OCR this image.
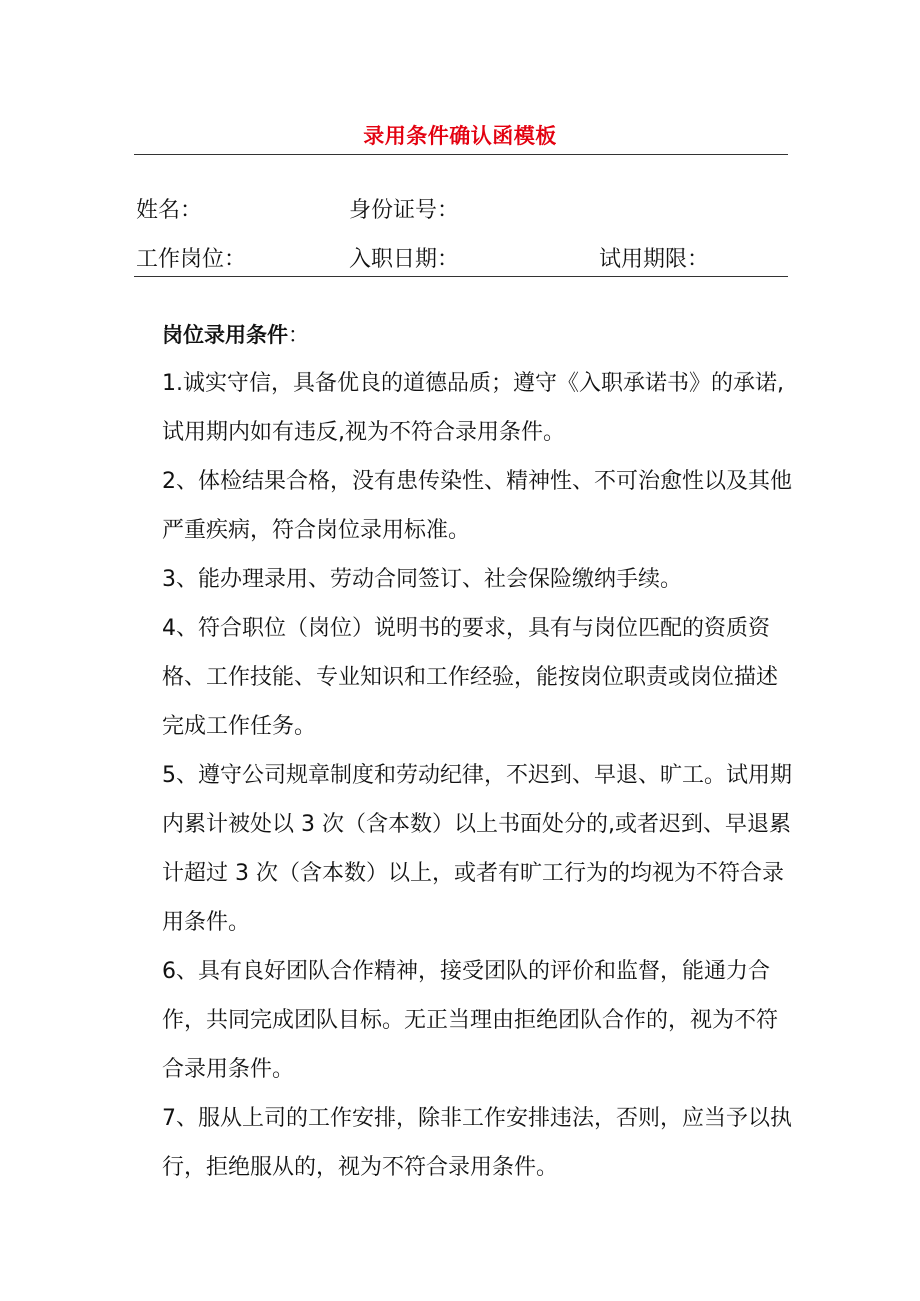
录用条件确认函模板
姓名：	身份证号：
工作岗位：	入职日期：	试用期限：

岗位录用条件：

1.诚实守信，具备优良的道德品质；遵守《入职承诺书》的承诺,试用期内如有违反,视为不符合录用条件。

2、体检结果合格，没有患传染性、精神性、不可治愈性以及其他严重疾病，符合岗位录用标准。

3、能办理录用、劳动合同签订、社会保险缴纳手续。

4、符合职位（岗位）说明书的要求，具有与岗位匹配的资质资格、工作技能、专业知识和工作经验，能按岗位职责或岗位描述完成工作任务。

5、遵守公司规章制度和劳动纪律，不迟到、早退、旷工。试用期内累计被处以 3 次（含本数）以上书面处分的,或者迟到、早退累计超过 3 次（含本数）以上，或者有旷工行为的均视为不符合录用条件。

6、具有良好团队合作精神，接受团队的评价和监督，能通力合作，共同完成团队目标。无正当理由拒绝团队合作的，视为不符合录用条件。

7、服从上司的工作安排，除非工作安排违法，否则，应当予以执行，拒绝服从的，视为不符合录用条件。
